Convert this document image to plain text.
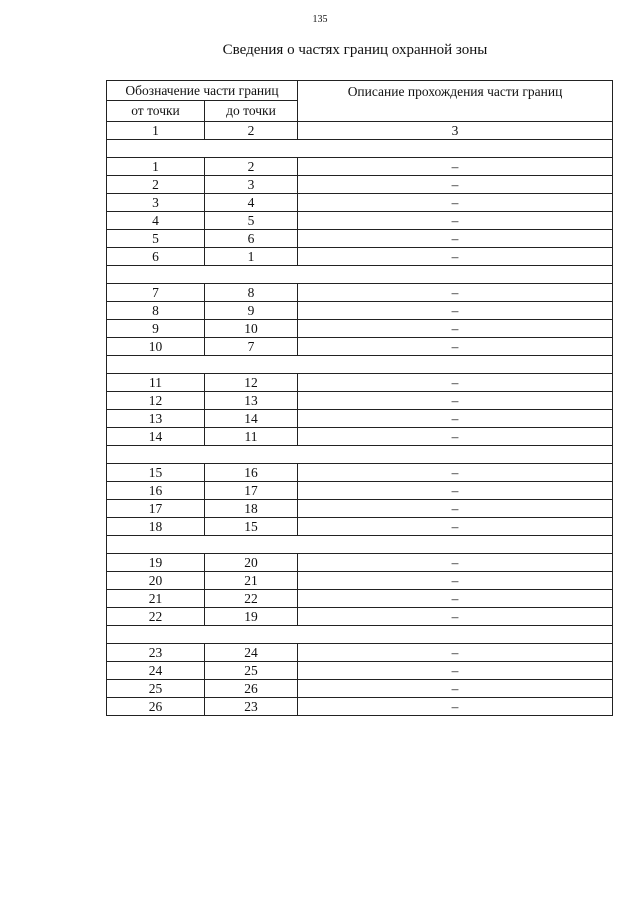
135
Сведения о частях границ охранной зоны
Обозначение части границ		Описание прохождения части границ
от точки	до точки	
1	2	3

1	2	–
2	3	–
3	4	–
4	5	–
5	6	–
6	1	–

7	8	–
8	9	–
9	10	–
10	7	–

11	12	–
12	13	–
13	14	–
14	11	–

15	16	–
16	17	–
17	18	–
18	15	–

19	20	–
20	21	–
21	22	–
22	19	–

23	24	–
24	25	–
25	26	–
26	23	–
